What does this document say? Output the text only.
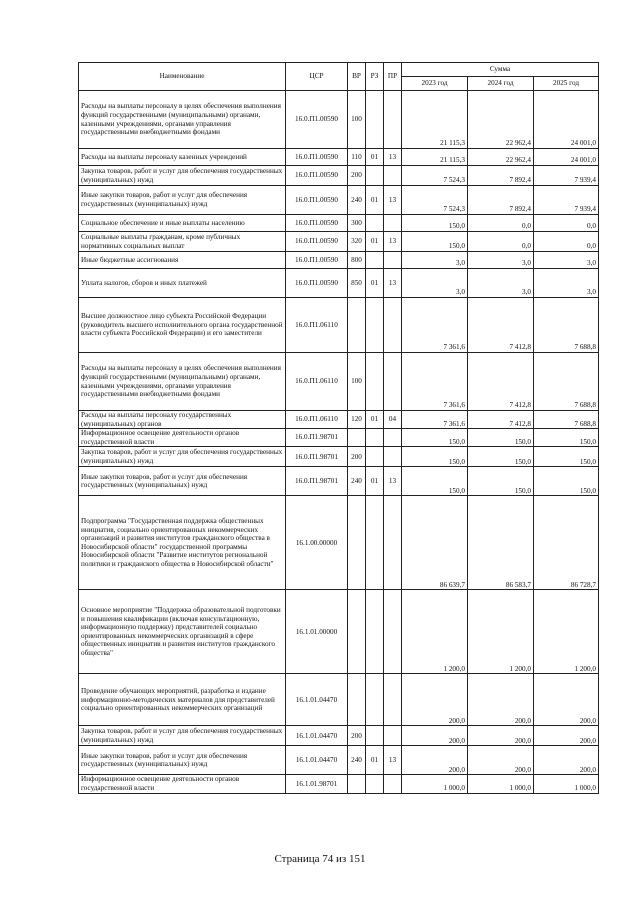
Наименование	ЦСР	ВР	РЗ	ПР	Сумма		
					2023 год	2024 год	2025 год
Расходы на выплаты персоналу в целях обеспечения выполнения функций государственными (муниципальными) органами, казенными учреждениями, органами управления государственными внебюджетными фондами	16.0.П1.00590	100			21 115,3	22 962,4	24 001,0
Расходы на выплаты персоналу казенных учреждений	16.0.П1.00590	110	01	13	21 115,3	22 962,4	24 001,0
Закупка товаров, работ и услуг для обеспечения государственных (муниципальных) нужд	16.0.П1.00590	200			7 524,3	7 892,4	7 939,4
Иные закупки товаров, работ и услуг для обеспечения государственных (муниципальных) нужд	16.0.П1.00590	240	01	13	7 524,3	7 892,4	7 939,4
Социальное обеспечение и иные выплаты населению	16.0.П1.00590	300			150,0	0,0	0,0
Социальные выплаты гражданам, кроме публичных нормативных социальных выплат	16.0.П1.00590	320	01	13	150,0	0,0	0,0
Иные бюджетные ассигнования	16.0.П1.00590	800			3,0	3,0	3,0
Уплата налогов, сборов и иных платежей	16.0.П1.00590	850	01	13	3,0	3,0	3,0
Высшее должностное лицо субъекта Российской Федерации (руководитель высшего исполнительного органа государственной власти субъекта Российской Федерации) и его заместители	16.0.П1.06110				7 361,6	7 412,8	7 688,8
Расходы на выплаты персоналу в целях обеспечения выполнения функций государственными (муниципальными) органами, казенными учреждениями, органами управления государственными внебюджетными фондами	16.0.П1.06110	100			7 361,6	7 412,8	7 688,8
Расходы на выплаты персоналу государственных (муниципальных) органов	16.0.П1.06110	120	01	04	7 361,6	7 412,8	7 688,8
Информационное освещение деятельности органов государственной власти	16.0.П1.98701				150,0	150,0	150,0
Закупка товаров, работ и услуг для обеспечения государственных (муниципальных) нужд	16.0.П1.98701	200			150,0	150,0	150,0
Иные закупки товаров, работ и услуг для обеспечения государственных (муниципальных) нужд	16.0.П1.98701	240	01	13	150,0	150,0	150,0
Подпрограмма "Государственная поддержка общественных инициатив, социально ориентированных некоммерческих организаций и развития институтов гражданского общества в Новосибирской области" государственной программы Новосибирской области "Развитие институтов региональной политики и гражданского общества в Новосибирской области"	16.1.00.00000				86 639,7	86 583,7	86 728,7
Основное мероприятие "Поддержка образовательной подготовки и повышения квалификации (включая консультационную, информационную поддержку) представителей социально ориентированных некоммерческих организаций в сфере общественных инициатив и развития институтов гражданского общества"	16.1.01.00000				1 200,0	1 200,0	1 200,0
Проведение обучающих мероприятий, разработка и издание информационно-методических материалов для представителей социально ориентированных некоммерческих организаций	16.1.01.04470				200,0	200,0	200,0
Закупка товаров, работ и услуг для обеспечения государственных (муниципальных) нужд	16.1.01.04470	200			200,0	200,0	200,0
Иные закупки товаров, работ и услуг для обеспечения государственных (муниципальных) нужд	16.1.01.04470	240	01	13	200,0	200,0	200,0
Информационное освещение деятельности органов государственной власти	16.1.01.98701				1 000,0	1 000,0	1 000,0
Страница 74 из 151
